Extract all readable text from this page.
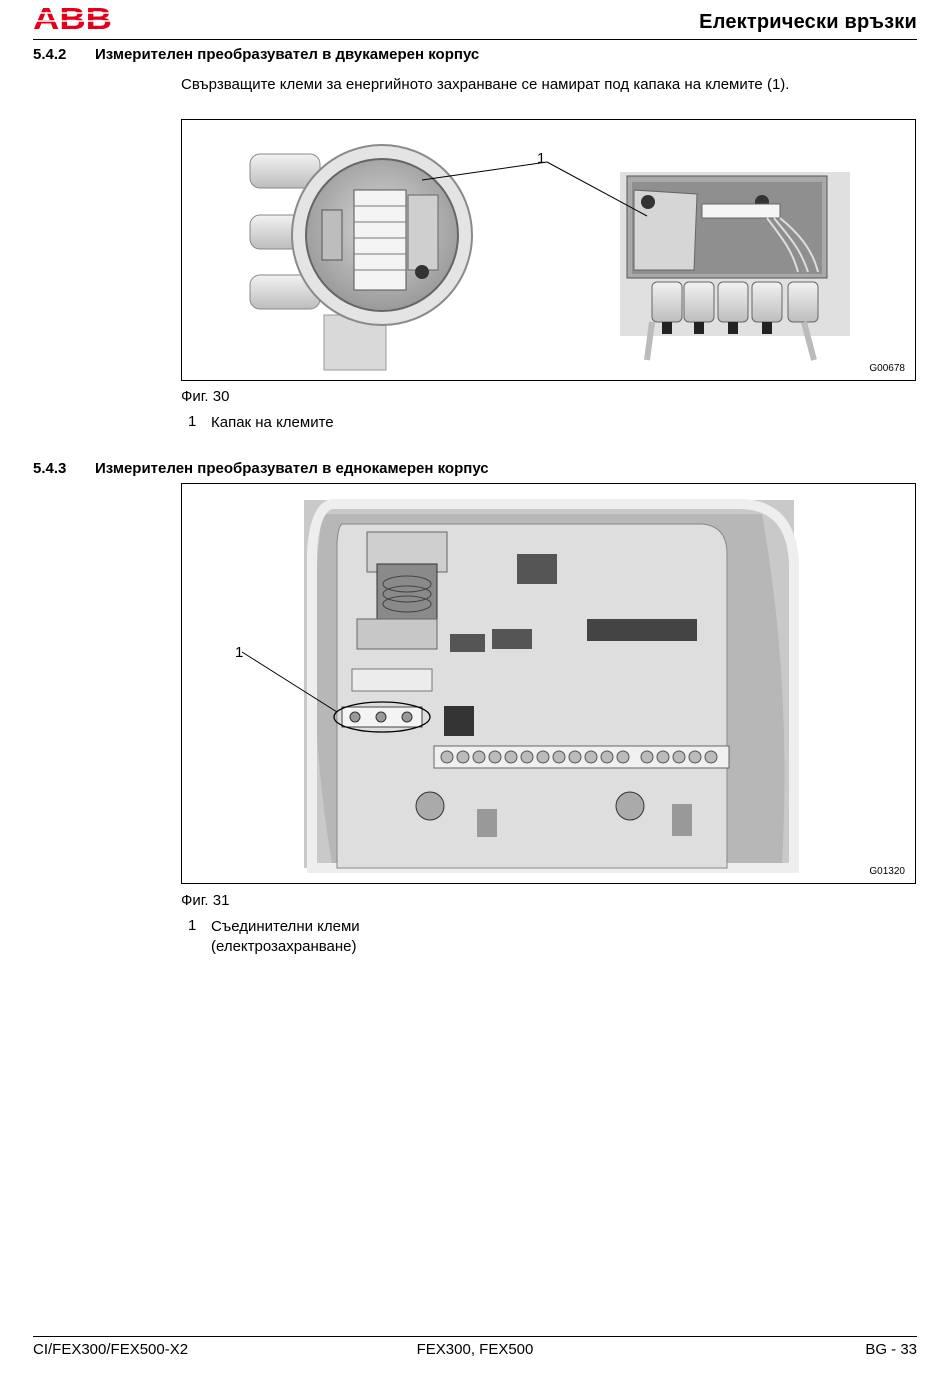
ABB	Електрически връзки
5.4.2 Измерителен преобразувател в двукамерен корпус
Свързващите клеми за енергийното захранване се намират под капака на клемите (1).
1
G00678
Фиг. 30
1 Капак на клемите
5.4.3 Измерителен преобразувател в еднокамерен корпус
1
G01320
Фиг. 31
1 Съединителни клеми
(електрозахранване)
CI/FEX300/FEX500-X2	FEX300, FEX500	BG - 33
